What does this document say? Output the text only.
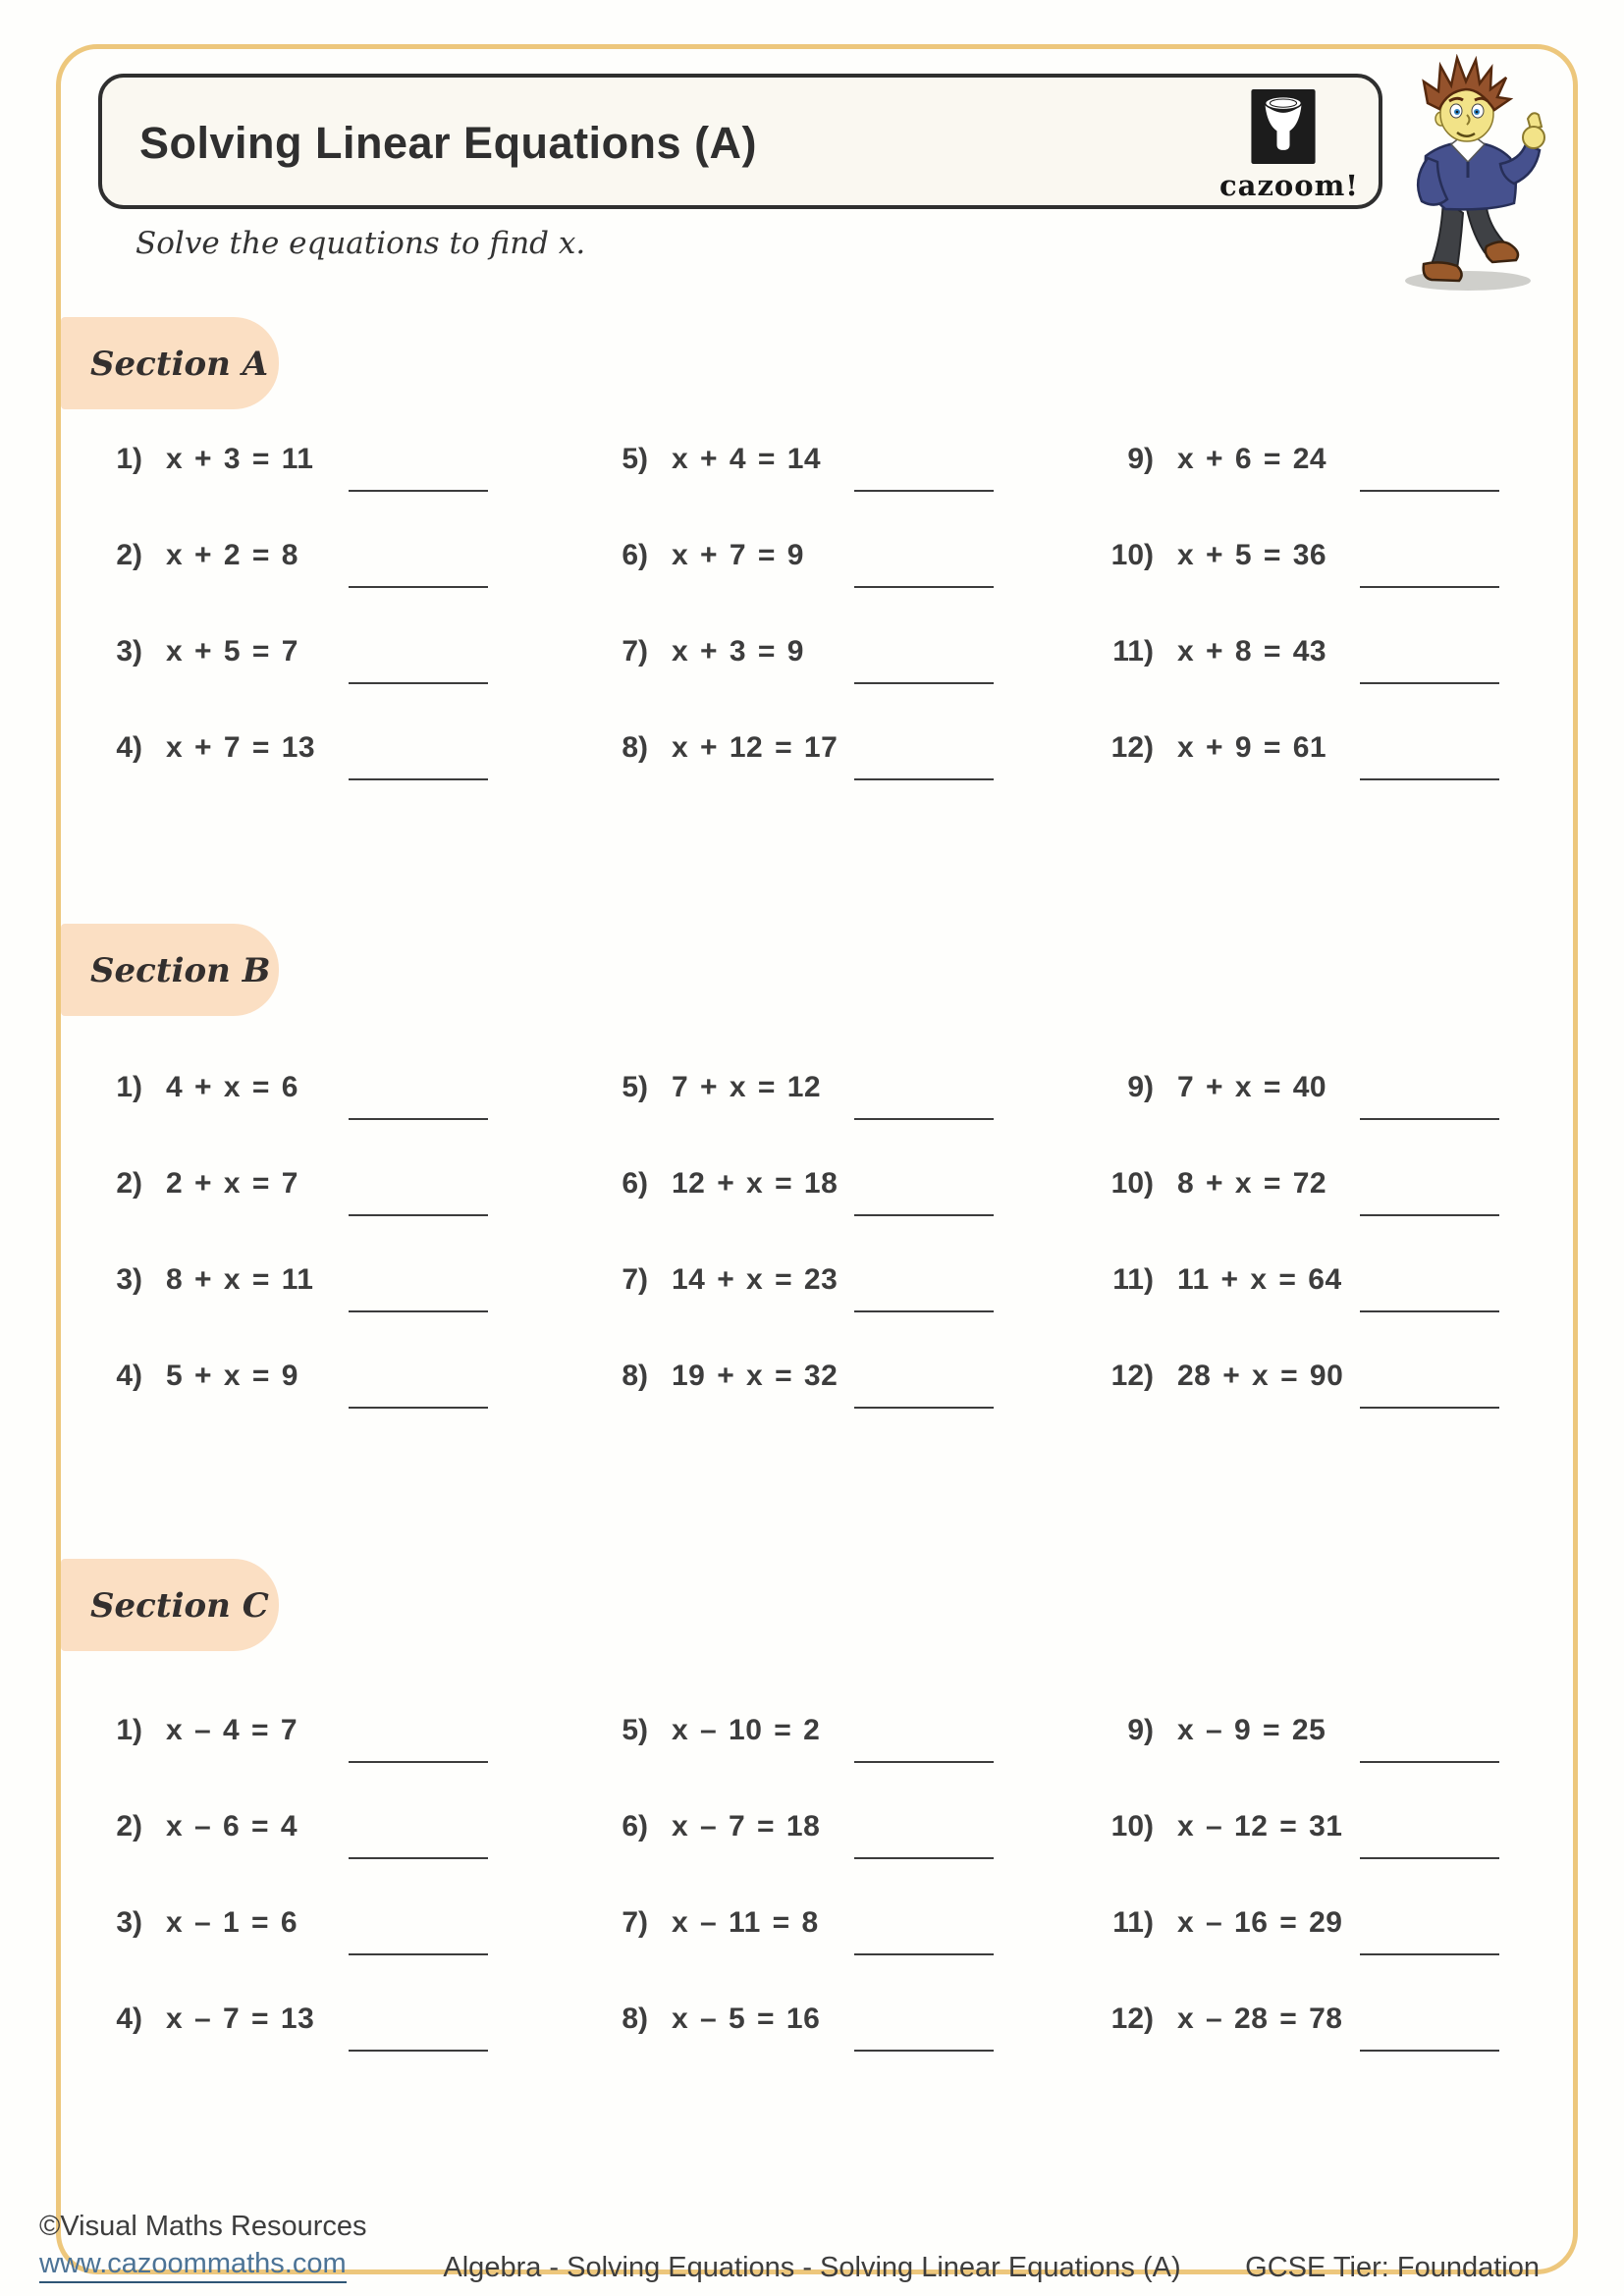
Solving Linear Equations (A)
cazoom!
Solve the equations to find x.
Section A
Section B
Section C
1) x + 3 = 11
2) x + 2 = 8
3) x + 5 = 7
4) x + 7 = 13
5) x + 4 = 14
6) x + 7 = 9
7) x + 3 = 9
8) x + 12 = 17
9) x + 6 = 24
10) x + 5 = 36
11) x + 8 = 43
12) x + 9 = 61
1) 4 + x = 6
2) 2 + x = 7
3) 8 + x = 11
4) 5 + x = 9
5) 7 + x = 12
6) 12 + x = 18
7) 14 + x = 23
8) 19 + x = 32
9) 7 + x = 40
10) 8 + x = 72
11) 11 + x = 64
12) 28 + x = 90
1) x – 4 = 7
2) x – 6 = 4
3) x – 1 = 6
4) x – 7 = 13
5) x – 10 = 2
6) x – 7 = 18
7) x – 11 = 8
8) x – 5 = 16
9) x – 9 = 25
10) x – 12 = 31
11) x – 16 = 29
12) x – 28 = 78
©Visual Maths Resources
www.cazoommaths.com	Algebra - Solving Equations - Solving Linear Equations (A) GCSE Tier: Foundation
